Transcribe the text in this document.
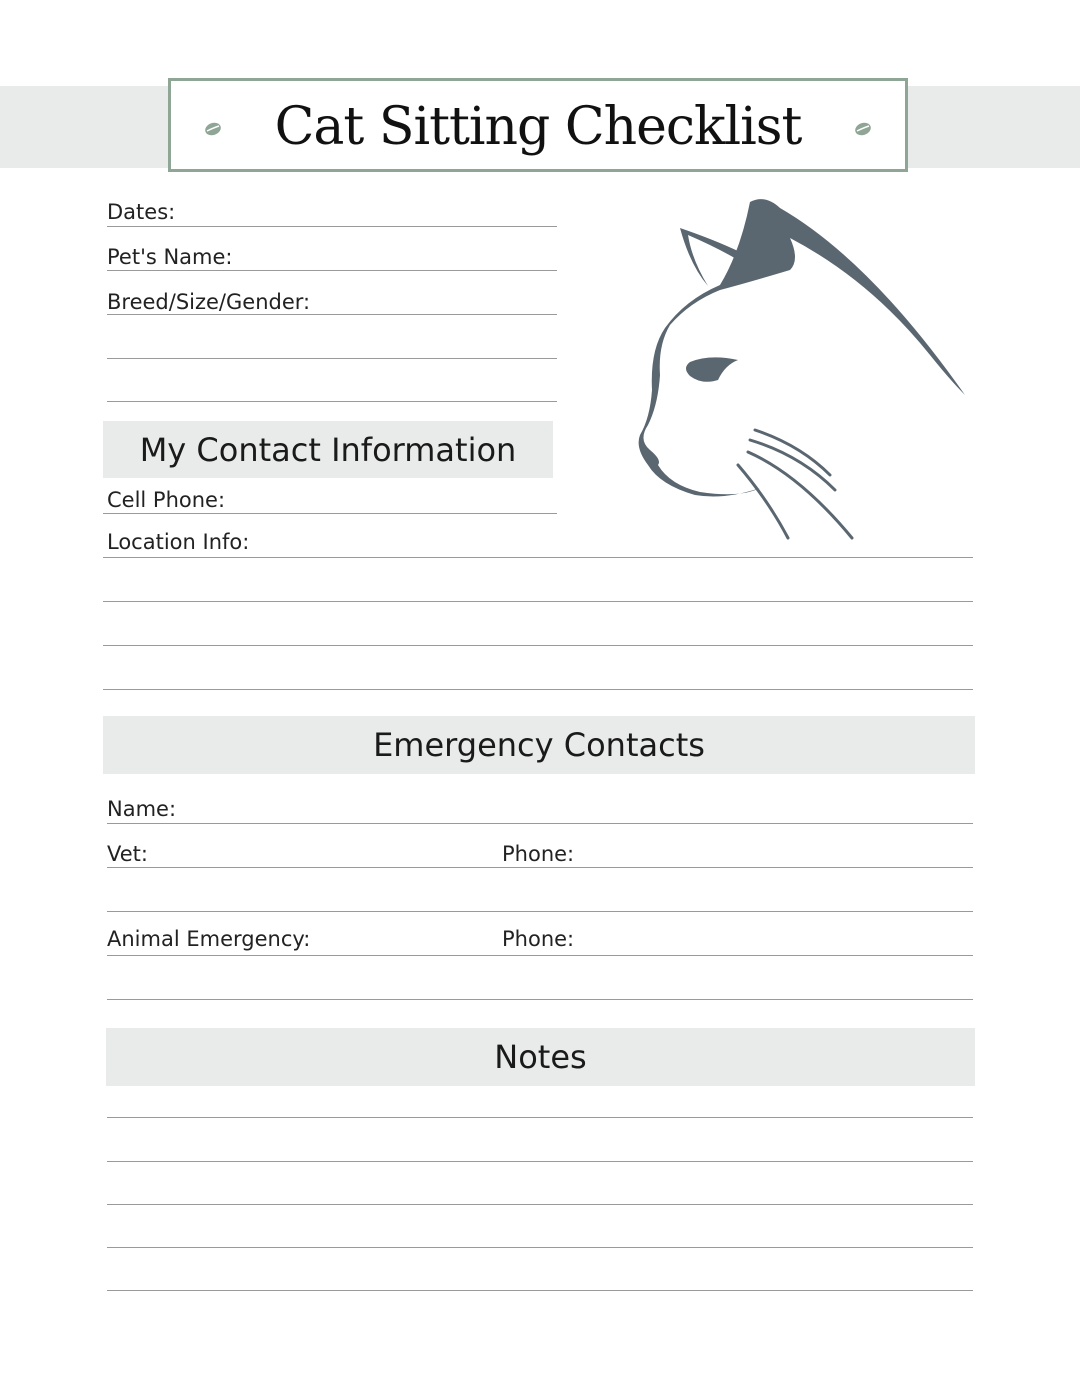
Cat Sitting Checklist
Dates:
Pet's Name:
Breed/Size/Gender:
My Contact Information
Cell Phone:
Location Info:
Emergency Contacts
Name:
Vet:	Phone:
Animal Emergency:	Phone:
Notes
